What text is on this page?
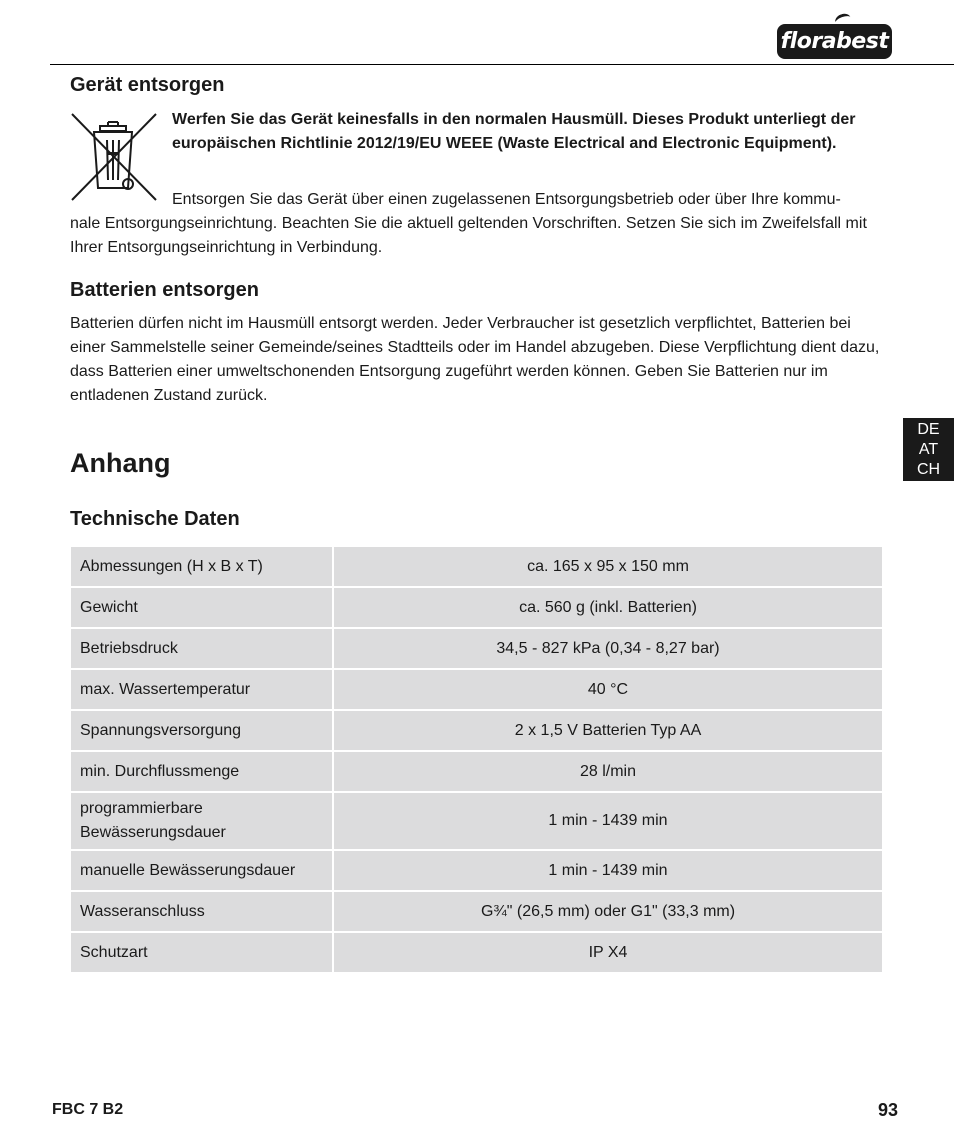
florabest
DE
AT
CH
Gerät entsorgen

Werfen Sie das Gerät keinesfalls in den normalen Hausmüll. Dieses Produkt unterliegt der europäischen Richtlinie 2012/19/EU WEEE (Waste Electrical and Electronic Equipment).

Entsorgen Sie das Gerät über einen zugelassenen Entsorgungsbetrieb oder über Ihre kommu-

nale Entsorgungseinrichtung. Beachten Sie die aktuell geltenden Vorschriften. Setzen Sie sich im Zweifelsfall mit Ihrer Entsorgungseinrichtung in Verbindung.

Batterien entsorgen

Batterien dürfen nicht im Hausmüll entsorgt werden. Jeder Verbraucher ist gesetzlich verpflichtet, Batterien bei einer Sammelstelle seiner Gemeinde/seines Stadtteils oder im Handel abzugeben. Diese Verpflichtung dient dazu, dass Batterien einer umweltschonenden Entsorgung zugeführt werden können. Geben Sie Batterien nur im entladenen Zustand zurück.

Anhang
Technische Daten
Abmessungen (H x B x T)	ca. 165 x 95 x 150 mm
Gewicht	ca. 560 g (inkl. Batterien)
Betriebsdruck	34,5 - 827 kPa (0,34 - 8,27 bar)
max. Wassertemperatur	40 °C
Spannungsversorgung	2 x 1,5 V Batterien Typ AA
min. Durchflussmenge	28 l/min
programmierbare Bewässerungsdauer	1 min - 1439 min
manuelle Bewässerungsdauer	1 min - 1439 min
Wasseranschluss	G¾" (26,5 mm) oder G1" (33,3 mm)
Schutzart	IP X4
FBC 7 B2	93
